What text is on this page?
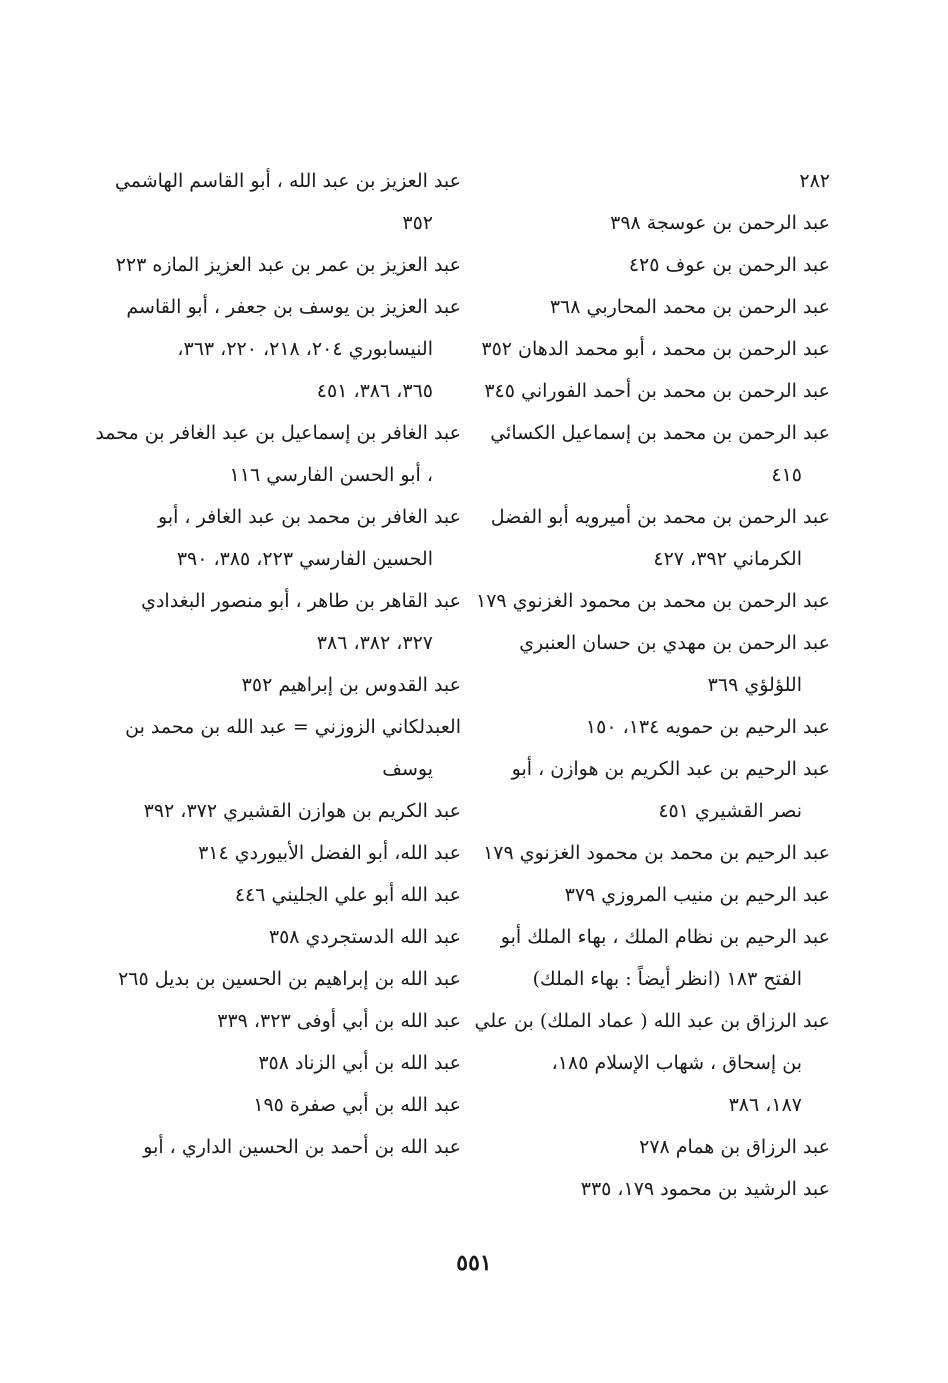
٢٨٢
عبد الرحمن بن عوسجة ٣٩٨
عبد الرحمن بن عوف ٤٢٥
عبد الرحمن بن محمد المحاربي ٣٦٨
عبد الرحمن بن محمد ، أبو محمد الدهان ٣٥٢
عبد الرحمن بن محمد بن أحمد الفوراني ٣٤٥
عبد الرحمن بن محمد بن إسماعيل الكسائي
٤١٥
عبد الرحمن بن محمد بن أميرويه أبو الفضل
الكرماني ٣٩٢، ٤٢٧
عبد الرحمن بن محمد بن محمود الغزنوي ١٧٩
عبد الرحمن بن مهدي بن حسان العنبري
اللؤلؤي ٣٦٩
عبد الرحيم بن حمويه ١٣٤، ١٥٠
عبد الرحيم بن عبد الكريم بن هوازن ، أبو
نصر القشيري ٤٥١
عبد الرحيم بن محمد بن محمود الغزنوي ١٧٩
عبد الرحيم بن منيب المروزي ٣٧٩
عبد الرحيم بن نظام الملك ، بهاء الملك أبو
الفتح ١٨٣ (انظر أيضاً : بهاء الملك)
عبد الرزاق بن عبد الله ( عماد الملك) بن علي
بن إسحاق ، شهاب الإسلام ١٨٥،
١٨٧، ٣٨٦
عبد الرزاق بن همام ٢٧٨
عبد الرشيد بن محمود ١٧٩، ٣٣٥
عبد العزيز بن عبد الله ، أبو القاسم الهاشمي
٣٥٢
عبد العزيز بن عمر بن عبد العزيز المازه ٢٢٣
عبد العزيز بن يوسف بن جعفر ، أبو القاسم
النيسابوري ٢٠٤، ٢١٨، ٢٢٠، ٣٦٣،
٣٦٥، ٣٨٦، ٤٥١
عبد الغافر بن إسماعيل بن عبد الغافر بن محمد
، أبو الحسن الفارسي ١١٦
عبد الغافر بن محمد بن عبد الغافر ، أبو
الحسين الفارسي ٢٢٣، ٣٨٥، ٣٩٠
عبد القاهر بن طاهر ، أبو منصور البغدادي
٣٢٧، ٣٨٢، ٣٨٦
عبد القدوس بن إبراهيم ٣٥٢
العبدلكاني الزوزني = عبد الله بن محمد بن
يوسف
عبد الكريم بن هوازن القشيري ٣٧٢، ٣٩٢
عبد الله، أبو الفضل الأبيوردي ٣١٤
عبد الله أبو علي الجليني ٤٤٦
عبد الله الدستجردي ٣٥٨
عبد الله بن إبراهيم بن الحسين بن بديل ٢٦٥
عبد الله بن أبي أوفى ٣٢٣، ٣٣٩
عبد الله بن أبي الزناد ٣٥٨
عبد الله بن أبي صفرة ١٩٥
عبد الله بن أحمد بن الحسين الداري ، أبو
٥٥١
